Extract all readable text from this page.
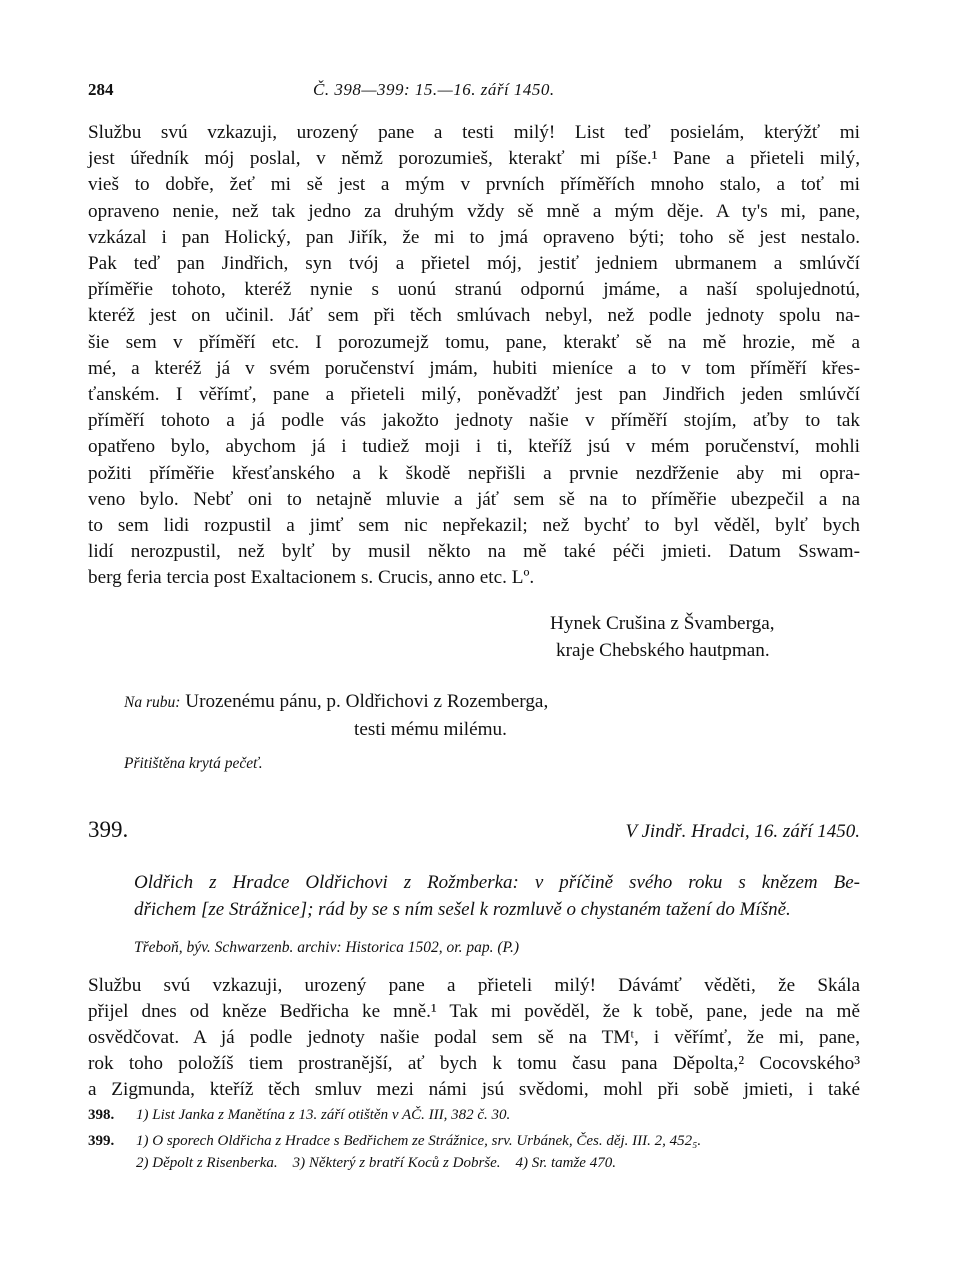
284	Č. 398—399: 15.—16. září 1450.
Službu svú vzkazuji, urozený pane a testi milý! List teď posielám, kterýžť mi
jest úředník mój poslal, v němž porozumieš, kterakť mi píše.¹ Pane a přieteli milý,
vieš to dobře, žeť mi sě jest a mým v prvních příměřích mnoho stalo, a toť mi
opraveno nenie, než tak jedno za druhým vždy sě mně a mým děje. A ty's mi, pane,
vzkázal i pan Holický, pan Jiřík, že mi to jmá opraveno býti; toho sě jest nestalo.
Pak teď pan Jindřich, syn tvój a přietel mój, jestiť jedniem ubrmanem a smlúvčí
příměřie tohoto, kteréž nynie s uonú stranú odpornú jmáme, a naší spolujednotú,
kteréž jest on učinil. Jáť sem při těch smlúvach nebyl, než podle jednoty spolu na-
šie sem v příměří etc. I porozumejž tomu, pane, kterakť sě na mě hrozie, mě a
mé, a kteréž já v svém poručenství jmám, hubiti mieníce a to v tom příměří křes-
ťanském. I věřímť, pane a přieteli milý, poněvadžť jest pan Jindřich jeden smlúvčí
příměří tohoto a já podle vás jakožto jednoty našie v příměří stojím, aťby to tak
opatřeno bylo, abychom já i tudiež moji i ti, kteříž jsú v mém poručenství, mohli
požiti příměřie křesťanského a k škodě nepřišli a prvnie nezdřženie aby mi opra-
veno bylo. Nebť oni to netajně mluvie a jáť sem sě na to příměřie ubezpečil a na
to sem lidi rozpustil a jimť sem nic nepřekazil; než bychť to byl věděl, bylť bych
lidí nerozpustil, než bylť by musil někto na mě také péči jmieti. Datum Sswam-
berg feria tercia post Exaltacionem s. Crucis, anno etc. Lº.
Hynek Crušina z Švamberga,
kraje Chebského hautpman.
Na rubu: Urozenému pánu, p. Oldřichovi z Rozemberga,
testi mému milému.
Přitištěna krytá pečeť.
399.	V Jindř. Hradci, 16. září 1450.
Oldřich z Hradce Oldřichovi z Rožmberka: v příčině svého roku s knězem Be-
dřichem [ze Strážnice]; rád by se s ním sešel k rozmluvě o chystaném tažení do Míšně.
Třeboň, býv. Schwarzenb. archiv: Historica 1502, or. pap. (P.)
Službu svú vzkazuji, urozený pane a přieteli milý! Dávámť věděti, že Skála
přijel dnes od kněze Bedřicha ke mně.¹ Tak mi pověděl, že k tobě, pane, jede na mě
osvědčovat. A já podle jednoty našie podal sem sě na TMᵗ, i věřímť, že mi, pane,
rok toho položíš tiem prostranější, ať bych k tomu času pana Děpolta,² Cocovského³
a Zigmunda, kteříž těch smluv mezi námi jsú svědomi, mohl při sobě jmieti, i také
398.	1) List Janka z Manětína z 13. září otištěn v AČ. III, 382 č. 30.
399.	1) O sporech Oldřicha z Hradce s Bedřichem ze Strážnice, srv. Urbánek, Čes. děj. III. 2, 452₅.
2) Děpolt z Risenberka.    3) Některý z bratří Koců z Dobrše.    4) Sr. tamže 470.
